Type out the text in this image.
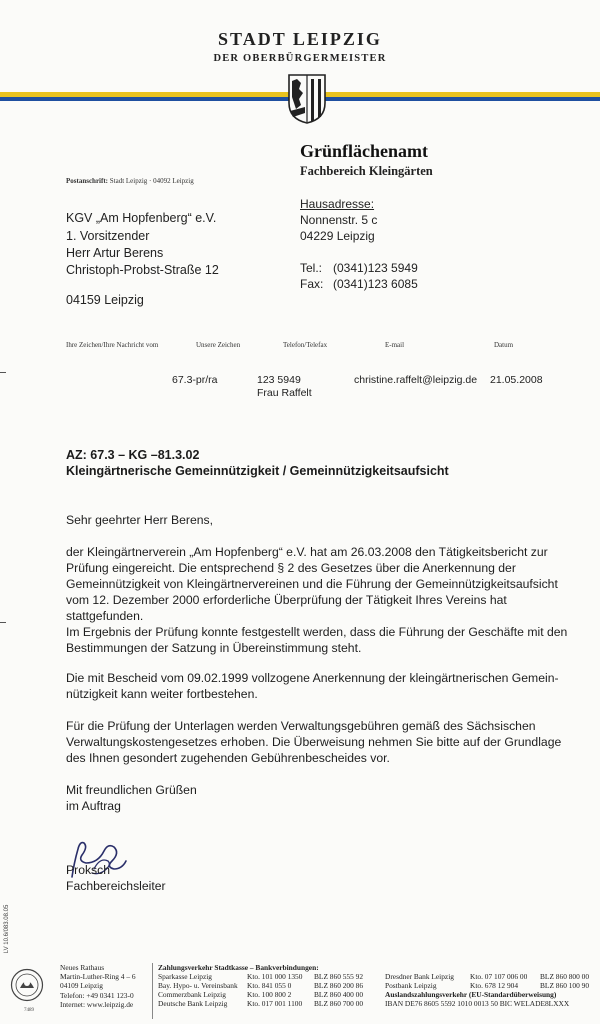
STADT LEIPZIG
DER OBERBÜRGERMEISTER
Grünflächenamt
Fachbereich Kleingärten
Postanschrift: Stadt Leipzig · 04092 Leipzig
KGV „Am Hopfenberg“ e.V.
1. Vorsitzender
Herr Artur Berens
Christoph-Probst-Straße 12
04159 Leipzig
Hausadresse:
Nonnenstr. 5 c
04229 Leipzig
Tel.: (0341)123 5949
Fax: (0341)123 6085
Ihre Zeichen/Ihre Nachricht vom	Unsere Zeichen	Telefon/Telefax	E-mail	Datum
67.3-pr/ra	123 5949
Frau Raffelt
christine.raffelt@leipzig.de 21.05.2008
AZ: 67.3 – KG –81.3.02
Kleingärtnerische Gemeinnützigkeit / Gemeinnützigkeitsaufsicht
Sehr geehrter Herr Berens,
der Kleingärtnerverein „Am Hopfenberg“ e.V. hat am 26.03.2008 den Tätigkeitsbericht zur
Prüfung eingereicht. Die entsprechend § 2 des Gesetzes über die Anerkennung der
Gemeinnützigkeit von Kleingärtnervereinen und die Führung der Gemeinnützigkeitsaufsicht
vom 12. Dezember 2000 erforderliche Überprüfung der Tätigkeit Ihres Vereins hat
stattgefunden.
Im Ergebnis der Prüfung konnte festgestellt werden, dass die Führung der Geschäfte mit den
Bestimmungen der Satzung in Übereinstimmung steht.
Die mit Bescheid vom 09.02.1999 vollzogene Anerkennung der kleingärtnerischen Gemein-
nützigkeit kann weiter fortbestehen.
Für die Prüfung der Unterlagen werden Verwaltungsgebühren gemäß des Sächsischen
Verwaltungskostengesetzes erhoben. Die Überweisung nehmen Sie bitte auf der Grundlage
des Ihnen gesondert zugehenden Gebührenbescheides vor.
Mit freundlichen Grüßen
im Auftrag
Proksch
Fachbereichsleiter
LV 10.6/083.08.05
7489
Neues Rathaus
Martin-Luther-Ring 4 – 6
04109 Leipzig
Telefon: +49 0341 123-0
Internet: www.leipzig.de
Zahlungsverkehr Stadtkasse – Bankverbindungen:
Sparkasse Leipzig	Kto. 101 000 1350 BLZ 860 555 92
Bay. Hypo- u. Vereinsbank Kto. 841 055 0	BLZ 860 200 86
Commerzbank Leipzig	Kto. 100 800 2	BLZ 860 400 00
Deutsche Bank Leipzig	Kto. 017 001 1100 BLZ 860 700 00
Dresdner Bank Leipzig Kto. 07 107 006 00 BLZ 860 800 00
Postbank Leipzig	Kto. 678 12 904	BLZ 860 100 90
Auslandszahlungsverkehr (EU-Standardüberweisung)
IBAN DE76 8605 5592 1010 0013 50 BIC WELADE8LXXX
